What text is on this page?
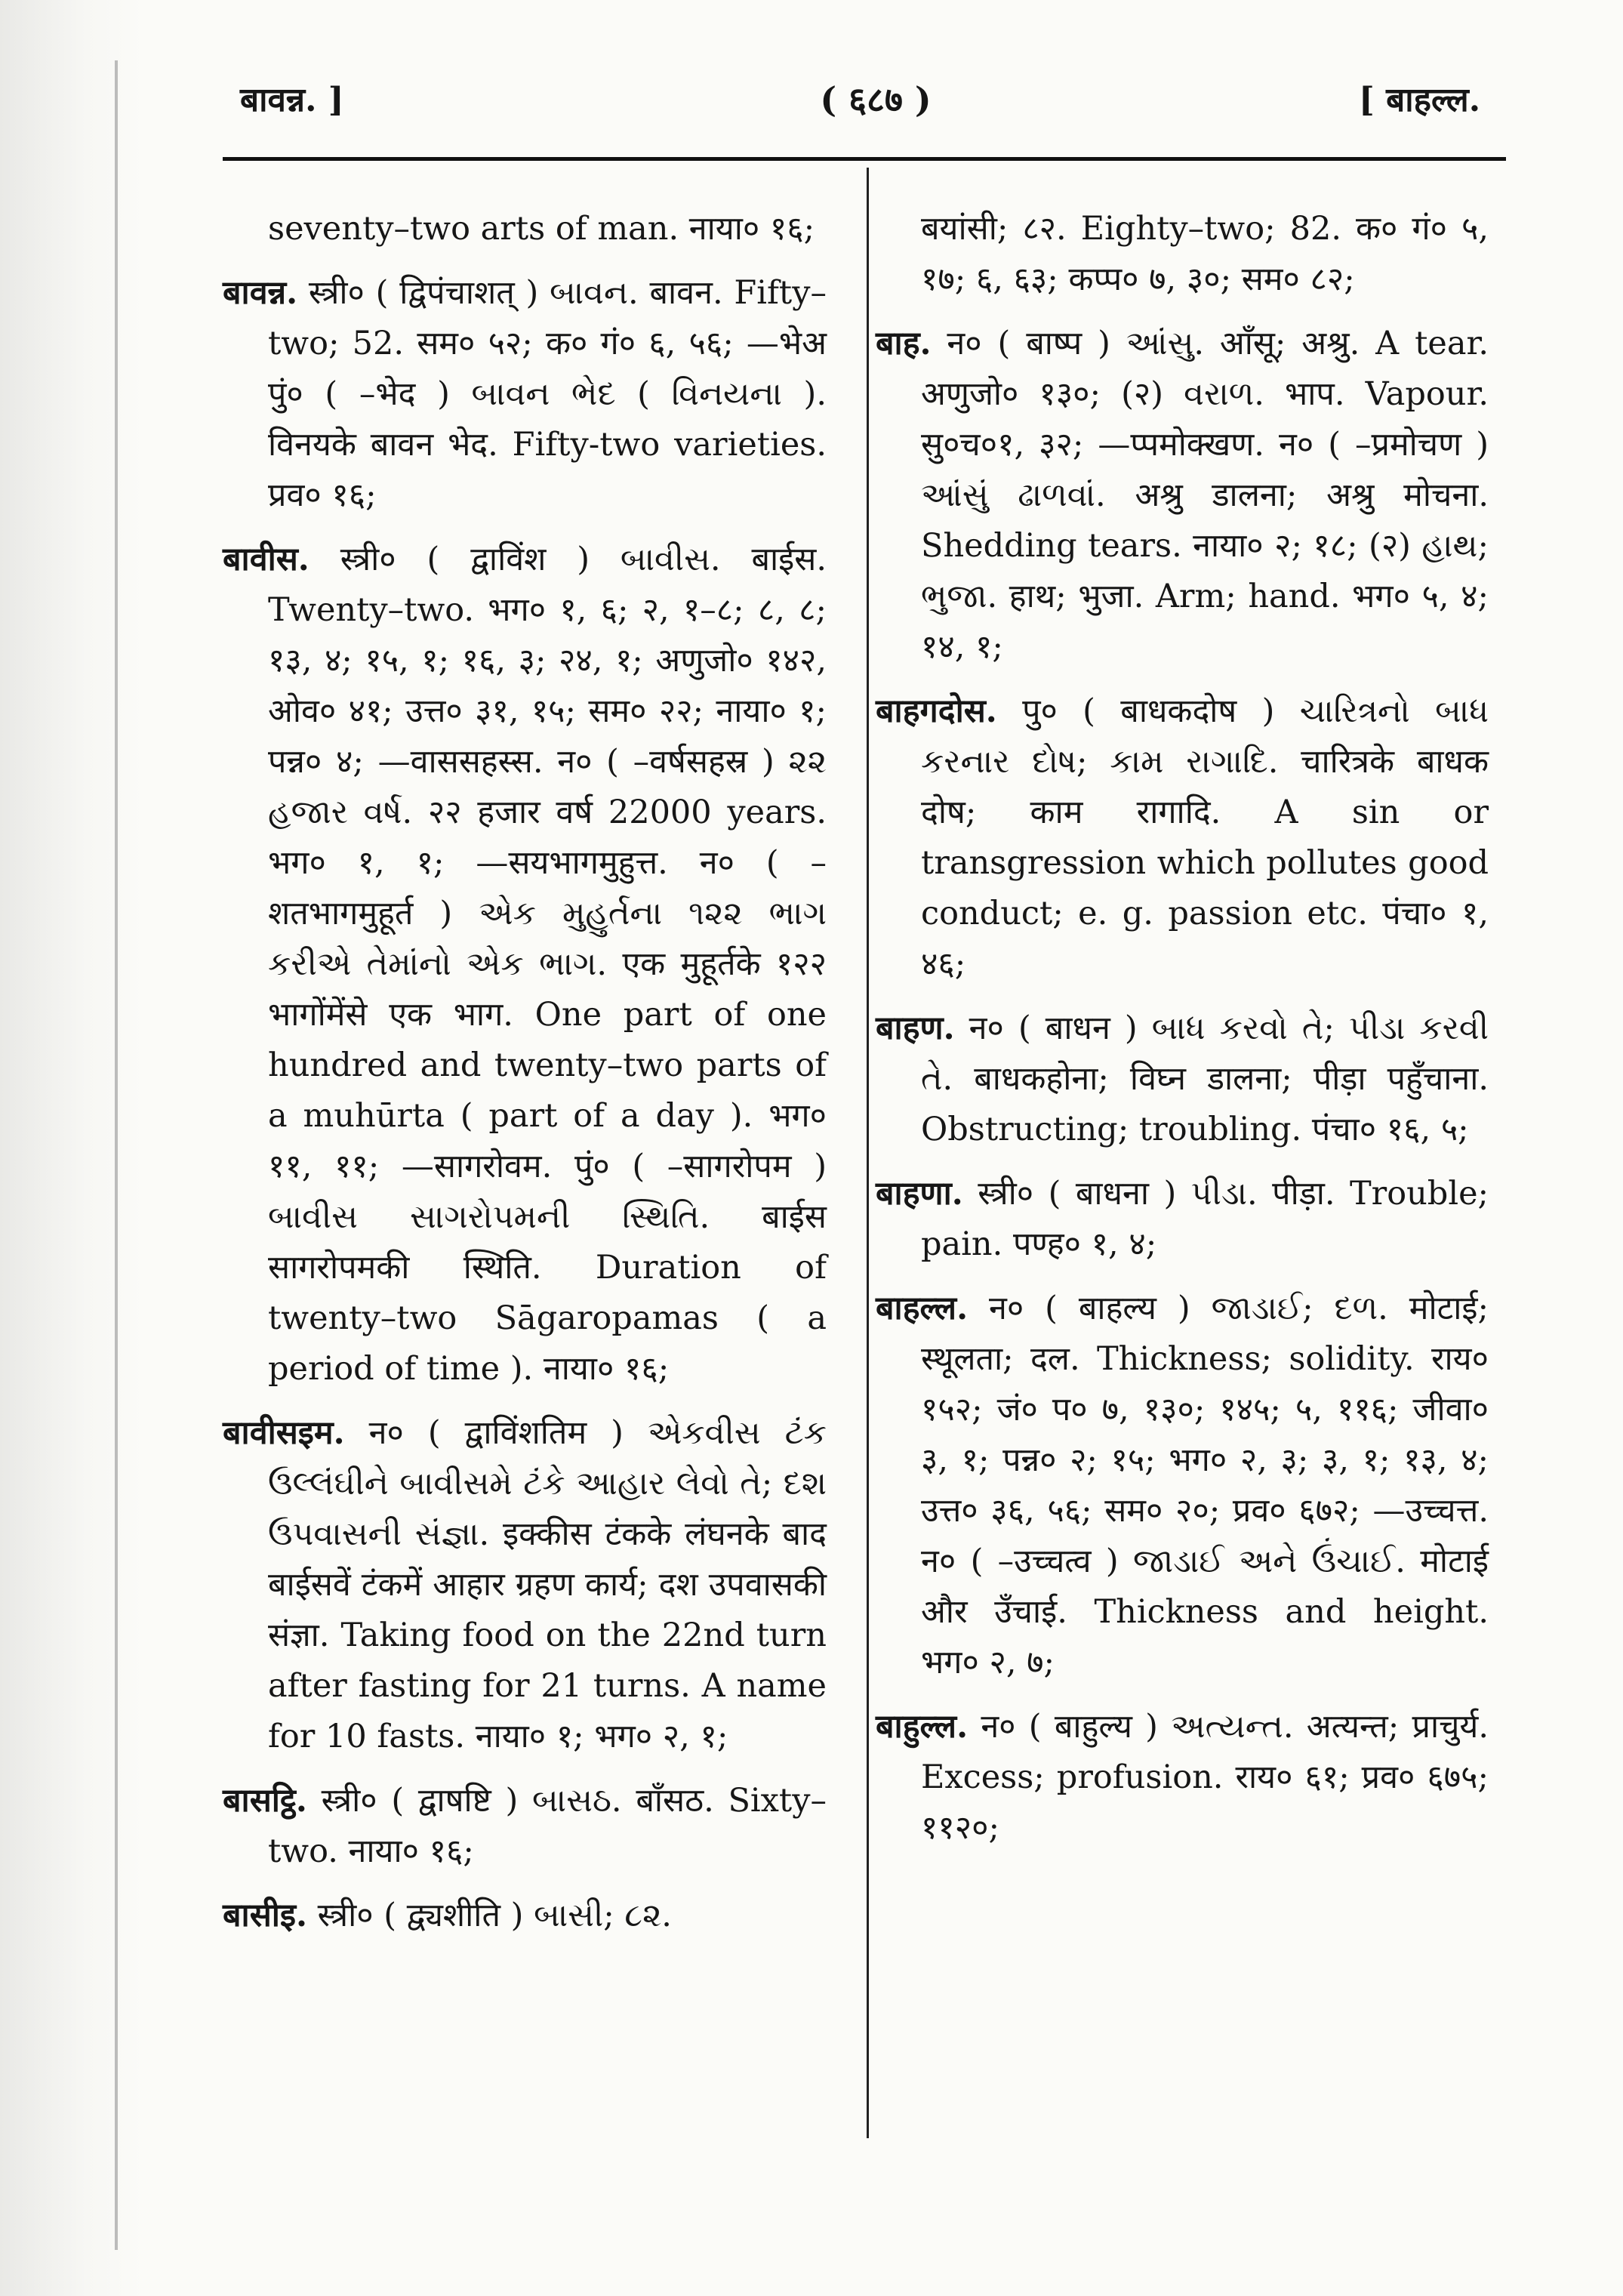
बावन्न. ]	( ६८७ )	[ बाहल्ल.

seventy–two arts of man. नाया० १६;

बावन्न. स्त्री० ( द्विपंचाशत् ) બાવન. बावन. Fifty–two; 52. सम० ५२; क० गं० ६, ५६; —भेअ पुं० ( –भेद ) બાવન ભેદ ( વિનયના ). विनयके बावन भेद. Fifty-two varieties. प्रव० १६;

बावीस. स्त्री० ( द्वाविंश ) બાવીસ. बाईस. Twenty–two. भग० १, ६; २, १–८; ८, ८; १३, ४; १५, १; १६, ३; २४, १; अणुजो० १४२, ओव० ४१; उत्त० ३१, १५; सम० २२; नाया० १; पन्न० ४; —वाससहस्स. न० ( –वर्षसहस्र ) ૨૨ હજાર વર્ષ. २२ हजार वर्ष 22000 years. भग० १, १; —सयभागमुहुत्त. न० ( –शतभागमुहूर्त ) એક મુહુર્તના ૧૨૨ ભાગ કરીએ તેમાંનો એક ભાગ. एक मुहूर्तके १२२ भागोंमेंसे एक भाग. One part of one hundred and twenty–two parts of a muhūrta ( part of a day ). भग० ११, ११; —सागरोवम. पुं० ( –सागरोपम ) બાવીસ સાગરોપમની સ્થિતિ. बाईस सागरोपमकी स्थिति. Duration of twenty–two Sāgaropamas ( a period of time ). नाया० १६;

बावीसइम. न० ( द्वाविंशतिम ) એકવીસ ટંક ઉલ્લંઘીને બાવીસમે ટંકે આહાર લેવો તે; દશ ઉપવાસની સંજ્ઞા. इक्कीस टंकके लंघनके बाद बाईसवें टंकमें आहार ग्रहण कार्य; दश उपवासकी संज्ञा. Taking food on the 22nd turn after fasting for 21 turns. A name for 10 fasts. नाया० १; भग० २, १;

बासट्ठि. स्त्री० ( द्वाषष्टि ) બાસઠ. बाँसठ. Sixty–two. नाया० १६;

बासीइ. स्त्री० ( द्व्यशीति ) બાસી; ૮૨.

बयांसी; ८२. Eighty–two; 82. क० गं० ५, १७; ६, ६३; कप्प० ७, ३०; सम० ८२;

बाह. न० ( बाष्प ) આંસુ. आँसू; अश्रु. A tear. अणुजो० १३०; (२) વરાળ. भाप. Vapour. सु०च०१, ३२; —प्पमोक्खण. न० ( –प्रमोचण ) આંસું ઢાળવાં. अश्रु डालना; अश्रु मोचना. Shedding tears. नाया० २; १८; (२) હાથ; ભુજા. हाथ; भुजा. Arm; hand. भग० ५, ४; १४, १;

बाहगदोस. पु० ( बाधकदोष ) ચારિત્રનો બાધ કરનાર દોષ; કામ રાગાદિ. चारित्रके बाधक दोष; काम रागादि. A sin or transgression which pollutes good conduct; e. g. passion etc. पंचा० १, ४६;

बाहण. न० ( बाधन ) બાધ કરવો તે; પીડા કરવી તે. बाधकहोना; विघ्न डालना; पीड़ा पहुँचाना. Obstructing; troubling. पंचा० १६, ५;

बाहणा. स्त्री० ( बाधना ) પીડા. पीड़ा. Trouble; pain. पण्ह० १, ४;

बाहल्ल. न० ( बाहल्य ) જાડાઈ; દળ. मोटाई; स्थूलता; दल. Thickness; solidity. राय० १५२; जं० प० ७, १३०; १४५; ५, ११६; जीवा० ३, १; पन्न० २; १५; भग० २, ३; ३, १; १३, ४; उत्त० ३६, ५६; सम० २०; प्रव० ६७२; —उच्चत्त. न० ( –उच्चत्व ) જાડાઈ અને ઉંચાઈ. मोटाई और उँचाई. Thickness and height. भग० २, ७;

बाहुल्ल. न० ( बाहुल्य ) અત્યન્ત. अत्यन्त; प्राचुर्य. Excess; profusion. राय० ६१; प्रव० ६७५; ११२०;
